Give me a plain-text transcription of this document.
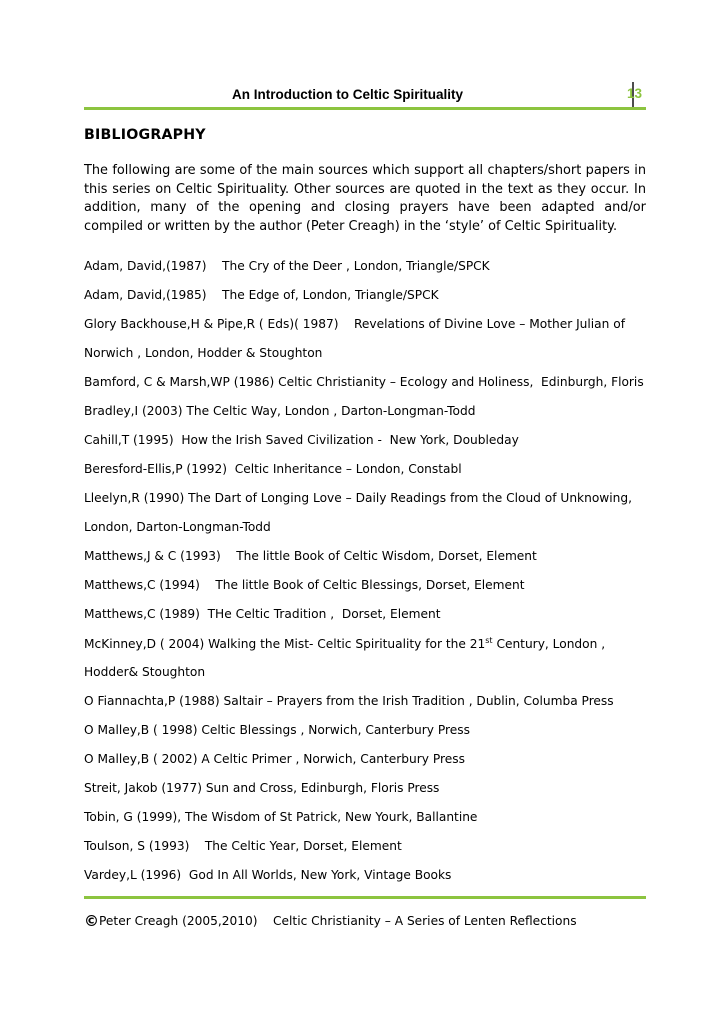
An Introduction to Celtic Spirituality	13
BIBLIOGRAPHY
The following are some of the main sources which support all chapters/short papers in this series on Celtic Spirituality. Other sources are quoted in the text as they occur. In addition, many of the opening and closing prayers have been adapted and/or compiled or written by the author (Peter Creagh) in the ‘style’ of Celtic Spirituality.
Adam, David,(1987)    The Cry of the Deer , London, Triangle/SPCK
Adam, David,(1985)    The Edge of, London, Triangle/SPCK
Glory Backhouse,H & Pipe,R ( Eds)( 1987)    Revelations of Divine Love – Mother Julian of
Norwich , London, Hodder & Stoughton
Bamford, C & Marsh,WP (1986) Celtic Christianity – Ecology and Holiness,  Edinburgh, Floris
Bradley,I (2003) The Celtic Way, London , Darton-Longman-Todd
Cahill,T (1995)  How the Irish Saved Civilization -  New York, Doubleday
Beresford-Ellis,P (1992)  Celtic Inheritance – London, Constabl
Lleelyn,R (1990) The Dart of Longing Love – Daily Readings from the Cloud of Unknowing,
London, Darton-Longman-Todd
Matthews,J & C (1993)    The little Book of Celtic Wisdom, Dorset, Element
Matthews,C (1994)    The little Book of Celtic Blessings, Dorset, Element
Matthews,C (1989)  THe Celtic Tradition ,  Dorset, Element
McKinney,D ( 2004) Walking the Mist- Celtic Spirituality for the 21st Century, London ,
Hodder& Stoughton
O Fiannachta,P (1988) Saltair – Prayers from the Irish Tradition , Dublin, Columba Press
O Malley,B ( 1998) Celtic Blessings , Norwich, Canterbury Press
O Malley,B ( 2002) A Celtic Primer , Norwich, Canterbury Press
Streit, Jakob (1977) Sun and Cross, Edinburgh, Floris Press
Tobin, G (1999), The Wisdom of St Patrick, New Yourk, Ballantine
Toulson, S (1993)    The Celtic Year, Dorset, Element
Vardey,L (1996)  God In All Worlds, New York, Vintage Books
©Peter Creagh (2005,2010)    Celtic Christianity – A Series of Lenten Reflections
